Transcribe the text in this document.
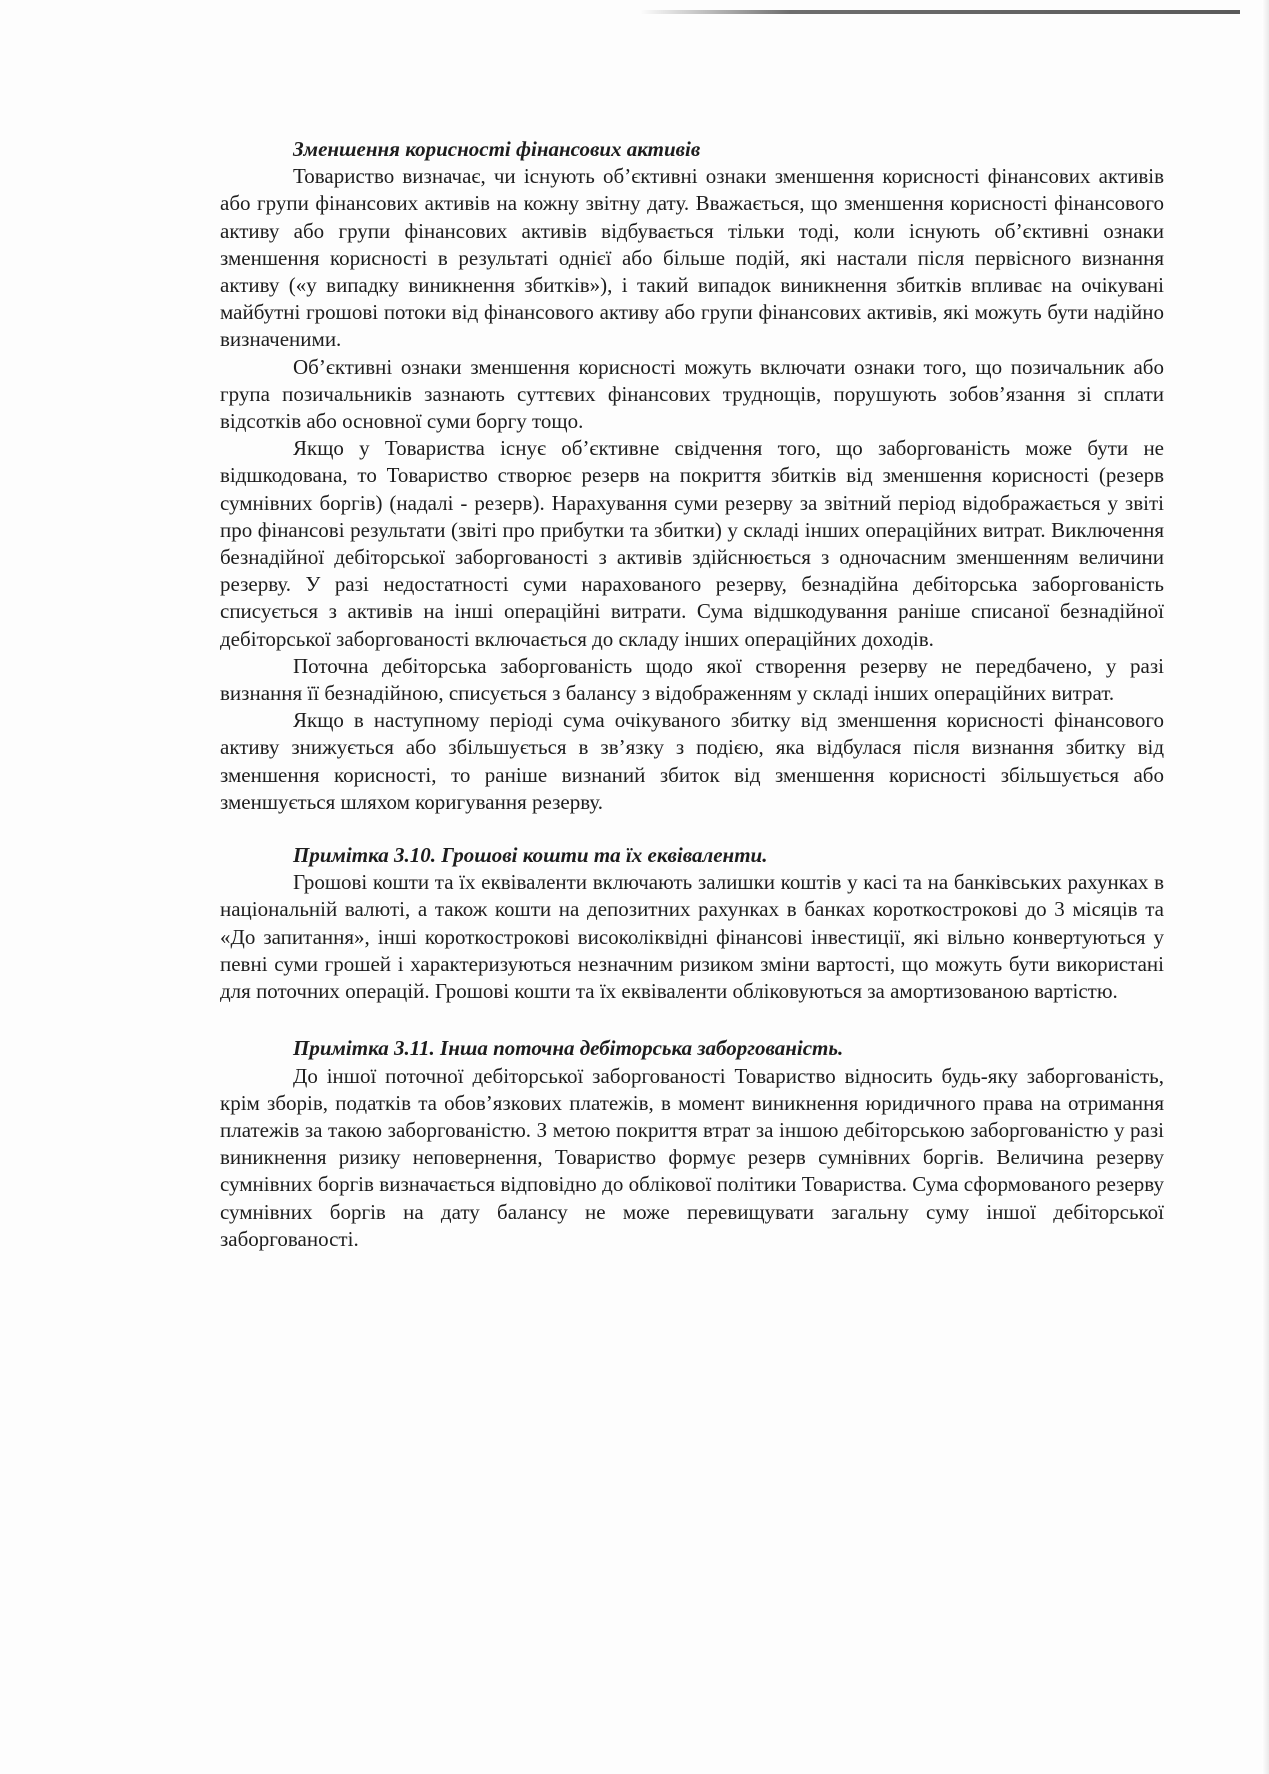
Зменшення корисності фінансових активів

Товариство визначає, чи існують об’єктивні ознаки зменшення корисності фінансових активів або групи фінансових активів на кожну звітну дату. Вважається, що зменшення корисності фінансового активу або групи фінансових активів відбувається тільки тоді, коли існують об’єктивні ознаки зменшення корисності в результаті однієї або більше подій, які настали після первісного визнання активу («у випадку виникнення збитків»), і такий випадок виникнення збитків впливає на очікувані майбутні грошові потоки від фінансового активу або групи фінансових активів, які можуть бути надійно визначеними.

Об’єктивні ознаки зменшення корисності можуть включати ознаки того, що позичальник або група позичальників зазнають суттєвих фінансових труднощів, порушують зобов’язання зі сплати відсотків або основної суми боргу тощо.

Якщо у Товариства існує об’єктивне свідчення того, що заборгованість може бути не відшкодована, то Товариство створює резерв на покриття збитків від зменшення корисності (резерв сумнівних боргів) (надалі - резерв). Нарахування суми резерву за звітний період відображається у звіті про фінансові результати (звіті про прибутки та збитки) у складі інших операційних витрат. Виключення безнадійної дебіторської заборгованості з активів здійснюється з одночасним зменшенням величини резерву. У разі недостатності суми нарахованого резерву, безнадійна дебіторська заборгованість списується з активів на інші операційні витрати. Сума відшкодування раніше списаної безнадійної дебіторської заборгованості включається до складу інших операційних доходів.

Поточна дебіторська заборгованість щодо якої створення резерву не передбачено, у разі визнання її безнадійною, списується з балансу з відображенням у складі інших операційних витрат.

Якщо в наступному періоді сума очікуваного збитку від зменшення корисності фінансового активу знижується або збільшується в зв’язку з подією, яка відбулася після визнання збитку від зменшення корисності, то раніше визнаний збиток від зменшення корисності збільшується або зменшується шляхом коригування резерву.

Примітка 3.10. Грошові кошти та їх еквіваленти.

Грошові кошти та їх еквіваленти включають залишки коштів у касі та на банківських рахунках в національній валюті, а також кошти на депозитних рахунках в банках короткострокові до 3 місяців та «До запитання», інші короткострокові високоліквідні фінансові інвестиції, які вільно конвертуються у певні суми грошей і характеризуються незначним ризиком зміни вартості, що можуть бути використані для поточних операцій. Грошові кошти та їх еквіваленти обліковуються за амортизованою вартістю.

Примітка 3.11. Інша поточна дебіторська заборгованість.

До іншої поточної дебіторської заборгованості Товариство відносить будь-яку заборгованість, крім зборів, податків та обов’язкових платежів, в момент виникнення юридичного права на отримання платежів за такою заборгованістю. З метою покриття втрат за іншою дебіторською заборгованістю у разі виникнення ризику неповернення, Товариство формує резерв сумнівних боргів. Величина резерву сумнівних боргів визначається відповідно до облікової політики Товариства. Сума сформованого резерву сумнівних боргів на дату балансу не може перевищувати загальну суму іншої дебіторської заборгованості.
